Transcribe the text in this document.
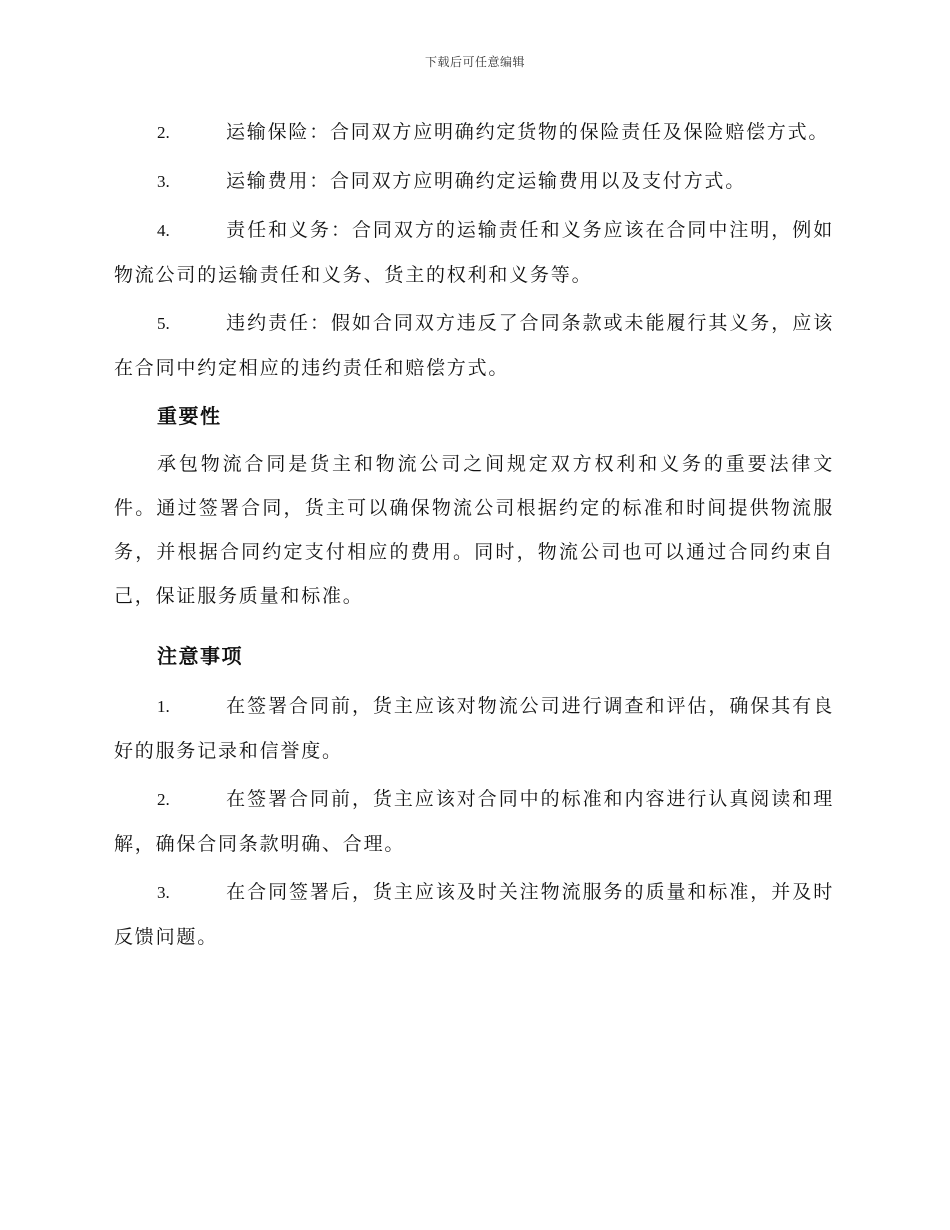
下载后可任意编辑
2.	运输保险：合同双方应明确约定货物的保险责任及保险赔偿方式。
3.	运输费用：合同双方应明确约定运输费用以及支付方式。
4.	责任和义务：合同双方的运输责任和义务应该在合同中注明，例如物流公司的运输责任和义务、货主的权利和义务等。
5.	违约责任：假如合同双方违反了合同条款或未能履行其义务，应该在合同中约定相应的违约责任和赔偿方式。
重要性
承包物流合同是货主和物流公司之间规定双方权利和义务的重要法律文件。通过签署合同，货主可以确保物流公司根据约定的标准和时间提供物流服务，并根据合同约定支付相应的费用。同时，物流公司也可以通过合同约束自己，保证服务质量和标准。
注意事项
1.	在签署合同前，货主应该对物流公司进行调查和评估，确保其有良好的服务记录和信誉度。
2.	在签署合同前，货主应该对合同中的标准和内容进行认真阅读和理解，确保合同条款明确、合理。
3.	在合同签署后，货主应该及时关注物流服务的质量和标准，并及时反馈问题。
